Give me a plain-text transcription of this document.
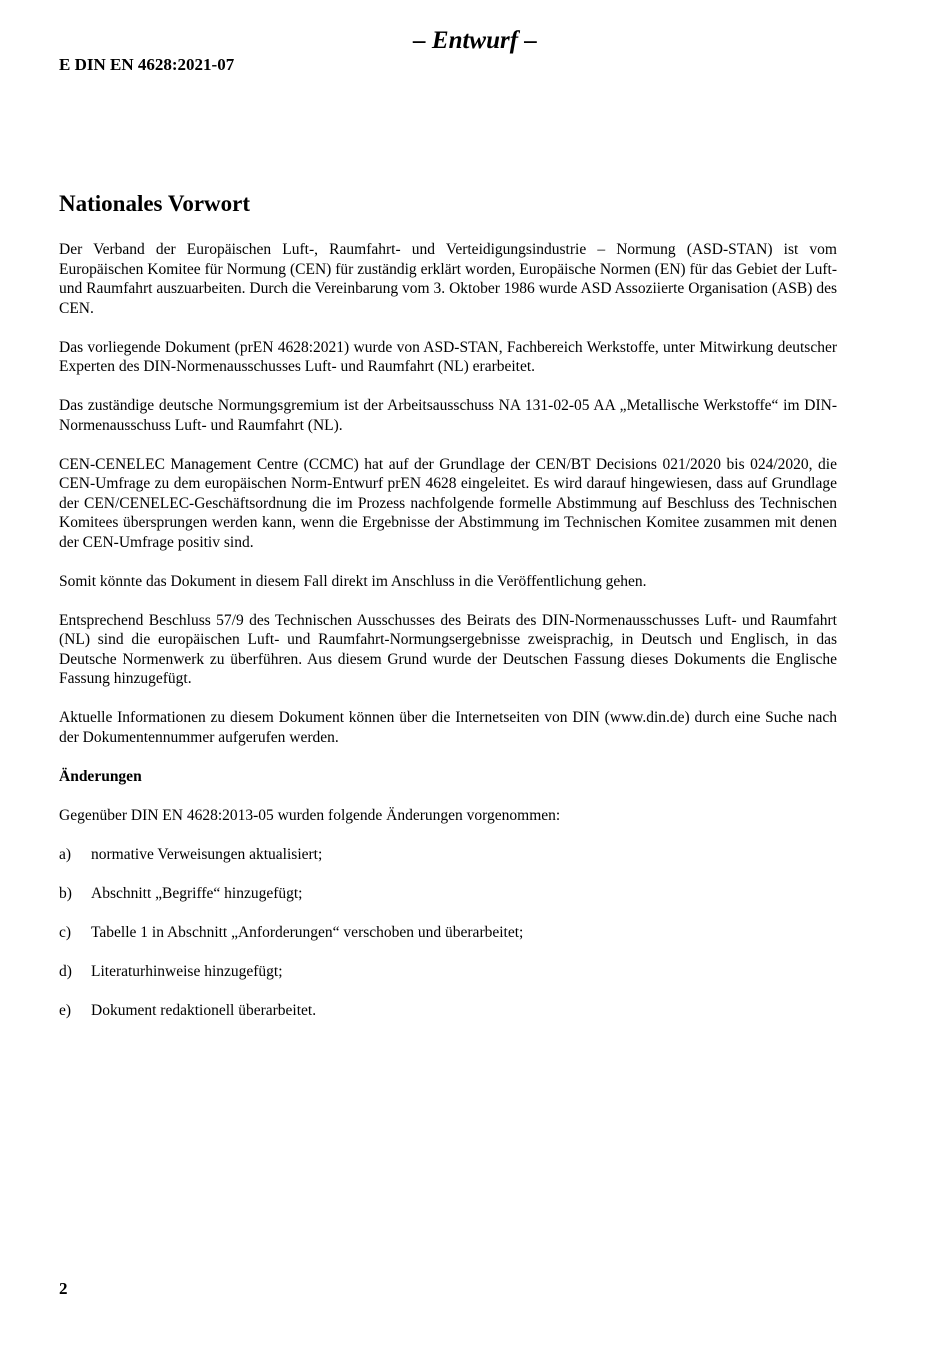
– Entwurf –
E DIN EN 4628:2021-07
Nationales Vorwort

Der Verband der Europäischen Luft-, Raumfahrt- und Verteidigungsindustrie – Normung (ASD-STAN) ist vom Europäischen Komitee für Normung (CEN) für zuständig erklärt worden, Europäische Normen (EN) für das Gebiet der Luft- und Raumfahrt auszuarbeiten. Durch die Vereinbarung vom 3. Oktober 1986 wurde ASD Assoziierte Organisation (ASB) des CEN.

Das vorliegende Dokument (prEN 4628:2021) wurde von ASD-STAN, Fachbereich Werkstoffe, unter Mitwirkung deutscher Experten des DIN-Normenausschusses Luft- und Raumfahrt (NL) erarbeitet.

Das zuständige deutsche Normungsgremium ist der Arbeitsausschuss NA 131-02-05 AA „Metallische Werkstoffe“ im DIN-Normenausschuss Luft- und Raumfahrt (NL).

CEN-CENELEC Management Centre (CCMC) hat auf der Grundlage der CEN/BT Decisions 021/2020 bis 024/2020, die CEN-Umfrage zu dem europäischen Norm-Entwurf prEN 4628 eingeleitet. Es wird darauf hingewiesen, dass auf Grundlage der CEN/CENELEC-Geschäftsordnung die im Prozess nachfolgende formelle Abstimmung auf Beschluss des Technischen Komitees übersprungen werden kann, wenn die Ergebnisse der Abstimmung im Technischen Komitee zusammen mit denen der CEN-Umfrage positiv sind.

Somit könnte das Dokument in diesem Fall direkt im Anschluss in die Veröffentlichung gehen.

Entsprechend Beschluss 57/9 des Technischen Ausschusses des Beirats des DIN-Normenausschusses Luft- und Raumfahrt (NL) sind die europäischen Luft- und Raumfahrt-Normungsergebnisse zweisprachig, in Deutsch und Englisch, in das Deutsche Normenwerk zu überführen. Aus diesem Grund wurde der Deutschen Fassung dieses Dokuments die Englische Fassung hinzugefügt.

Aktuelle Informationen zu diesem Dokument können über die Internetseiten von DIN (www.din.de) durch eine Suche nach der Dokumentennummer aufgerufen werden.

Änderungen

Gegenüber DIN EN 4628:2013-05 wurden folgende Änderungen vorgenommen:

a)	normative Verweisungen aktualisiert;
b)	Abschnitt „Begriffe“ hinzugefügt;
c)	Tabelle 1 in Abschnitt „Anforderungen“ verschoben und überarbeitet;
d)	Literaturhinweise hinzugefügt;
e)	Dokument redaktionell überarbeitet.
2
